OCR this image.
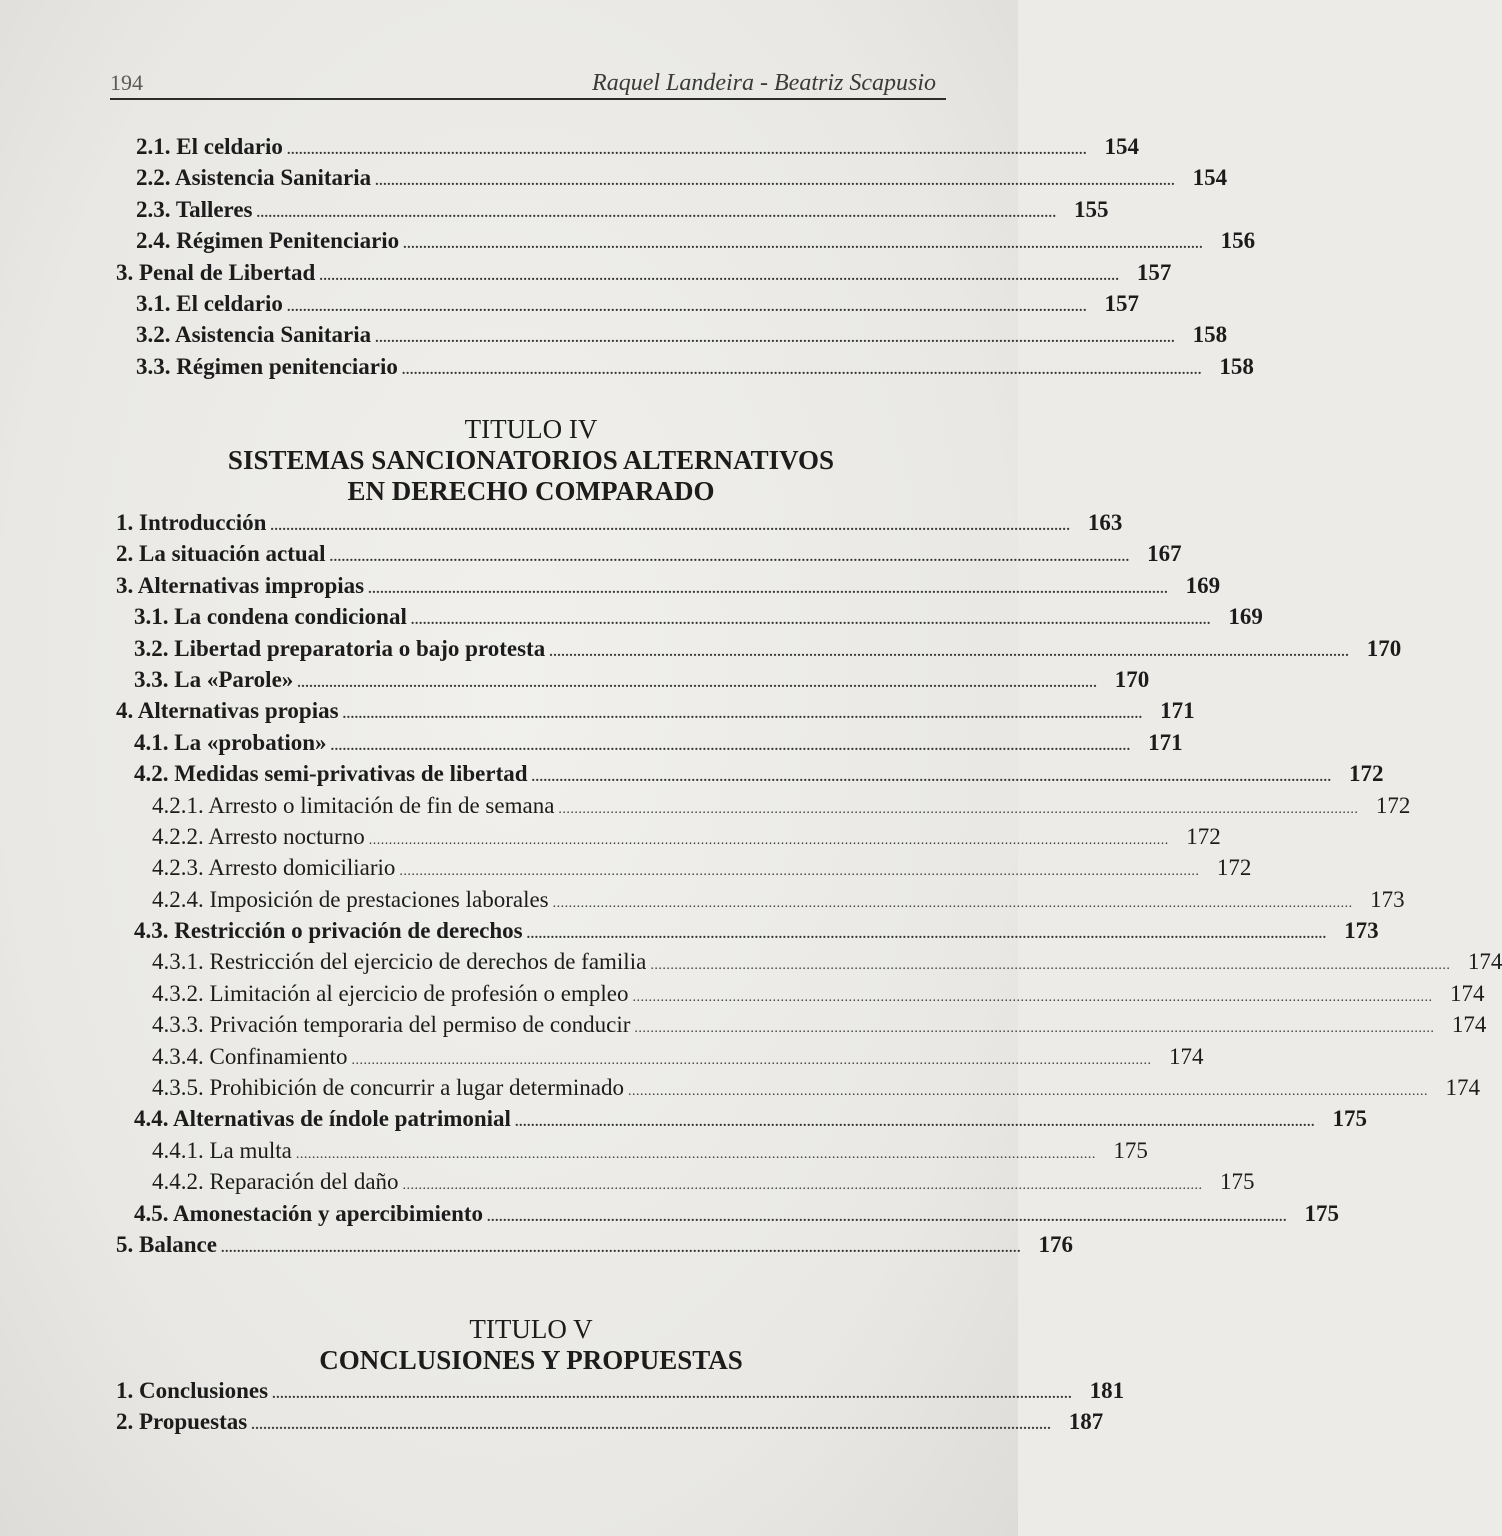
194	Raquel Landeira - Beatriz Scapusio
2.1. El celdario ........................................................................................................................................................................................................ 154
2.2. Asistencia Sanitaria ........................................................................................................................................................................................................ 154
2.3. Talleres ........................................................................................................................................................................................................ 155
2.4. Régimen Penitenciario ........................................................................................................................................................................................................ 156
3. Penal de Libertad ........................................................................................................................................................................................................ 157
3.1. El celdario ........................................................................................................................................................................................................ 157
3.2. Asistencia Sanitaria ........................................................................................................................................................................................................ 158
3.3. Régimen penitenciario ........................................................................................................................................................................................................ 158
TITULO IV
SISTEMAS SANCIONATORIOS ALTERNATIVOS
EN DERECHO COMPARADO
1. Introducción ........................................................................................................................................................................................................ 163
2. La situación actual ........................................................................................................................................................................................................ 167
3. Alternativas impropias ........................................................................................................................................................................................................ 169
3.1. La condena condicional ........................................................................................................................................................................................................ 169
3.2. Libertad preparatoria o bajo protesta ........................................................................................................................................................................................................ 170
3.3. La «Parole» ........................................................................................................................................................................................................ 170
4. Alternativas propias ........................................................................................................................................................................................................ 171
4.1. La «probation» ........................................................................................................................................................................................................ 171
4.2. Medidas semi-privativas de libertad ........................................................................................................................................................................................................ 172
4.2.1. Arresto o limitación de fin de semana ........................................................................................................................................................................................................ 172
4.2.2. Arresto nocturno ........................................................................................................................................................................................................ 172
4.2.3. Arresto domiciliario ........................................................................................................................................................................................................ 172
4.2.4. Imposición de prestaciones laborales ........................................................................................................................................................................................................ 173
4.3. Restricción o privación de derechos ........................................................................................................................................................................................................ 173
4.3.1. Restricción del ejercicio de derechos de familia ........................................................................................................................................................................................................ 174
4.3.2. Limitación al ejercicio de profesión o empleo ........................................................................................................................................................................................................ 174
4.3.3. Privación temporaria del permiso de conducir ........................................................................................................................................................................................................ 174
4.3.4. Confinamiento ........................................................................................................................................................................................................ 174
4.3.5. Prohibición de concurrir a lugar determinado ........................................................................................................................................................................................................ 174
4.4. Alternativas de índole patrimonial ........................................................................................................................................................................................................ 175
4.4.1. La multa ........................................................................................................................................................................................................ 175
4.4.2. Reparación del daño ........................................................................................................................................................................................................ 175
4.5. Amonestación y apercibimiento ........................................................................................................................................................................................................ 175
5. Balance ........................................................................................................................................................................................................ 176
TITULO V
CONCLUSIONES Y PROPUESTAS
1. Conclusiones ........................................................................................................................................................................................................ 181
2. Propuestas ........................................................................................................................................................................................................ 187
